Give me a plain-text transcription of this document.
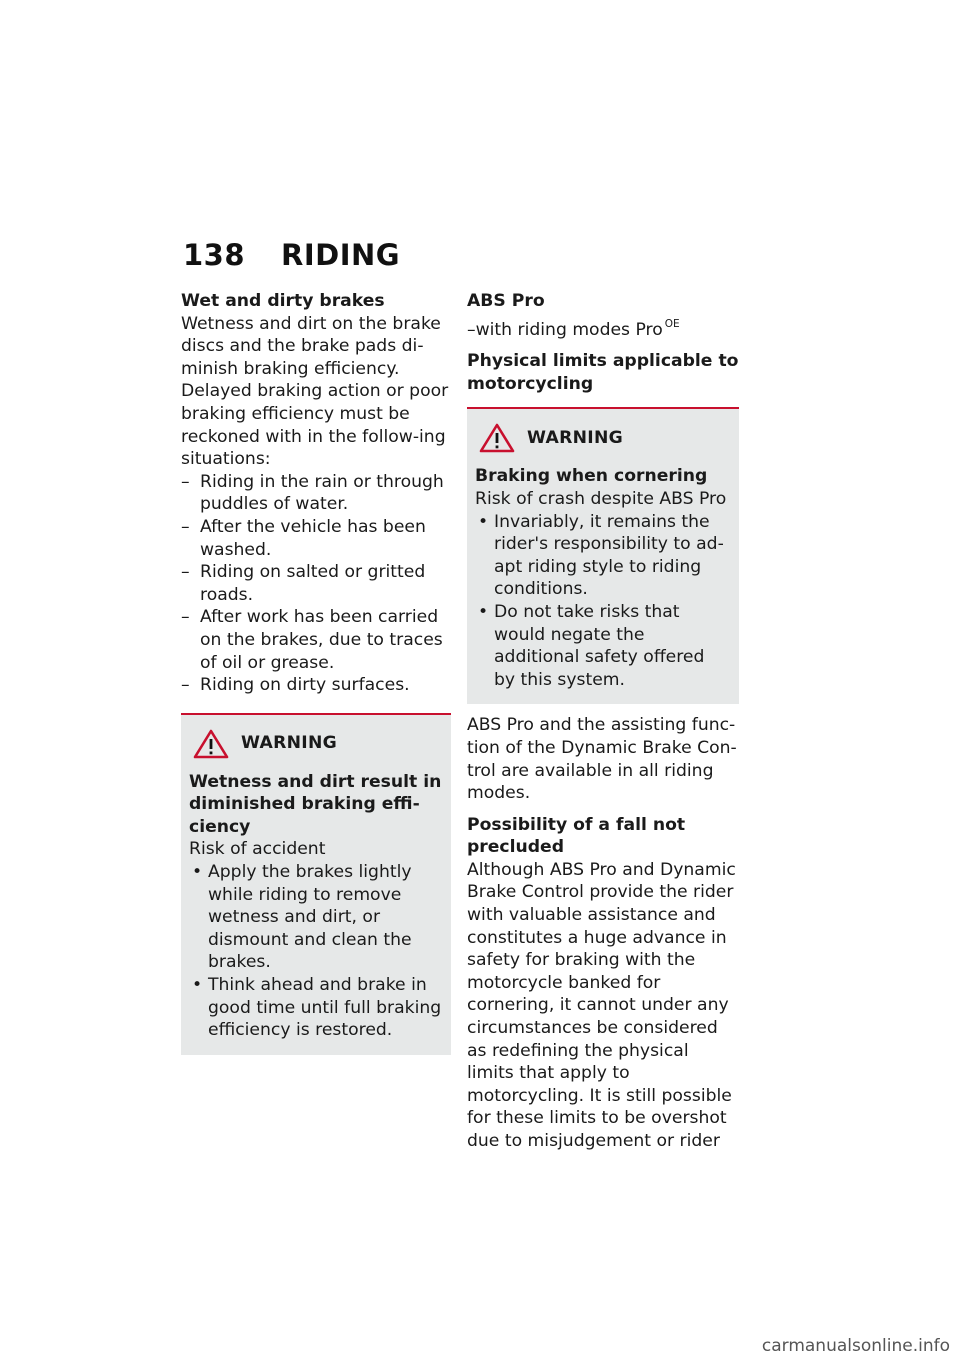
138 RIDING

Wet and dirty brakes

Wetness and dirt on the brake discs and the brake pads di-minish braking efficiency. Delayed braking action or poor braking efficiency must be reckoned with in the follow-ing situations:

– Riding in the rain or through puddles of water.
– After the vehicle has been washed.
– Riding on salted or gritted roads.
– After work has been carried on the brakes, due to traces of oil or grease.
– Riding on dirty surfaces.
WARNING

Wetness and dirt result in diminished braking effi-ciency

Risk of accident

• Apply the brakes lightly while riding to remove wetness and dirt, or dismount and clean the brakes.
• Think ahead and brake in good time until full braking efficiency is restored.

ABS Pro

–with riding modes Pro $^{OE}$

Physical limits applicable to motorcycling

WARNING

Braking when cornering

Risk of crash despite ABS Pro

• Invariably, it remains the rider's responsibility to ad-apt riding style to riding conditions.
• Do not take risks that would negate the additional safety offered by this system.

ABS Pro and the assisting func-tion of the Dynamic Brake Con-trol are available in all riding modes.

Possibility of a fall not precluded

Although ABS Pro and Dynamic Brake Control provide the rider with valuable assistance and constitutes a huge advance in safety for braking with the motorcycle banked for cornering, it cannot under any circumstances be considered as redefining the physical limits that apply to motorcycling. It is still possible for these limits to be overshot due to misjudgement or rider

carmanualsonline.info
